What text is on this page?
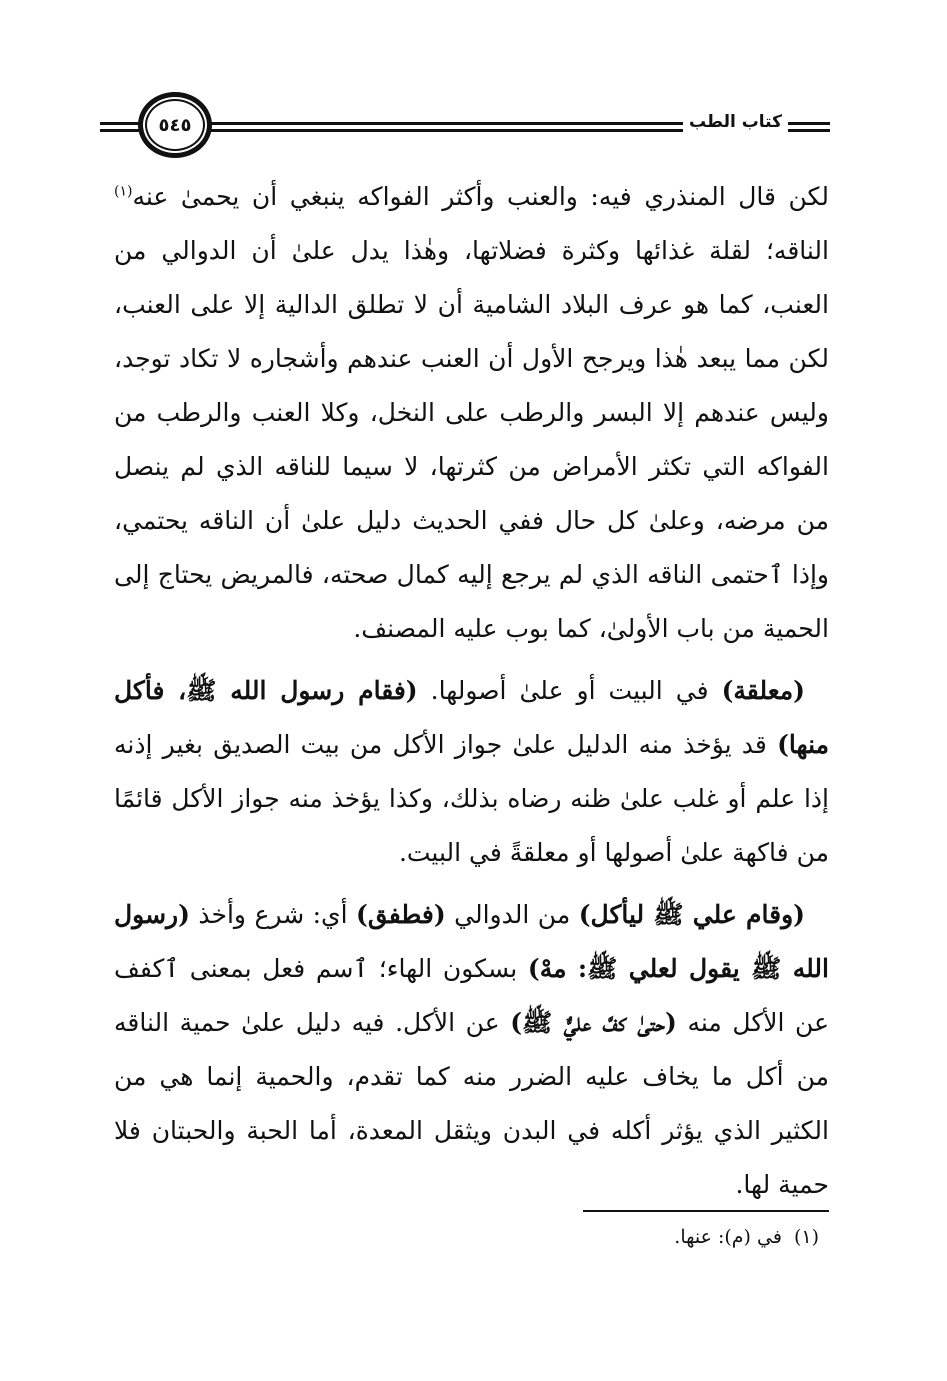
كتاب الطب
٥٤٥

لكن قال المنذري فيه: والعنب وأكثر الفواكه ينبغي أن يحمىٰ عنه$^{(١)}$ الناقه؛ لقلة غذائها وكثرة فضلاتها، وهٰذا يدل علىٰ أن الدوالي من العنب، كما هو عرف البلاد الشامية أن لا تطلق الدالية إلا على العنب، لكن مما يبعد هٰذا ويرجح الأول أن العنب عندهم وأشجاره لا تكاد توجد، وليس عندهم إلا البسر والرطب على النخل، وكلا العنب والرطب من الفواكه التي تكثر الأمراض من كثرتها، لا سيما للناقه الذي لم ينصل من مرضه، وعلىٰ كل حال ففي الحديث دليل علىٰ أن الناقه يحتمي، وإذا ٱحتمى الناقه الذي لم يرجع إليه كمال صحته، فالمريض يحتاج إلى الحمية من باب الأولىٰ، كما بوب عليه المصنف.

(معلقة) في البيت أو علىٰ أصولها. (فقام رسول الله ﷺ، فأكل منها) قد يؤخذ منه الدليل علىٰ جواز الأكل من بيت الصديق بغير إذنه إذا علم أو غلب علىٰ ظنه رضاه بذلك، وكذا يؤخذ منه جواز الأكل قائمًا من فاكهة علىٰ أصولها أو معلقةً في البيت.

(وقام علي ﷺ ليأكل) من الدوالي (فطفق) أي: شرع وأخذ (رسول الله ﷺ يقول لعلي ﷺ: مهْ) بسكون الهاء؛ ٱسم فعل بمعنى ٱكفف عن الأكل منه (حتىٰ كفَّ عليٌّ ﷺ) عن الأكل. فيه دليل علىٰ حمية الناقه من أكل ما يخاف عليه الضرر منه كما تقدم، والحمية إنما هي من الكثير الذي يؤثر أكله في البدن ويثقل المعدة، أما الحبة والحبتان فلا حمية لها.

(١)في (م): عنها.
